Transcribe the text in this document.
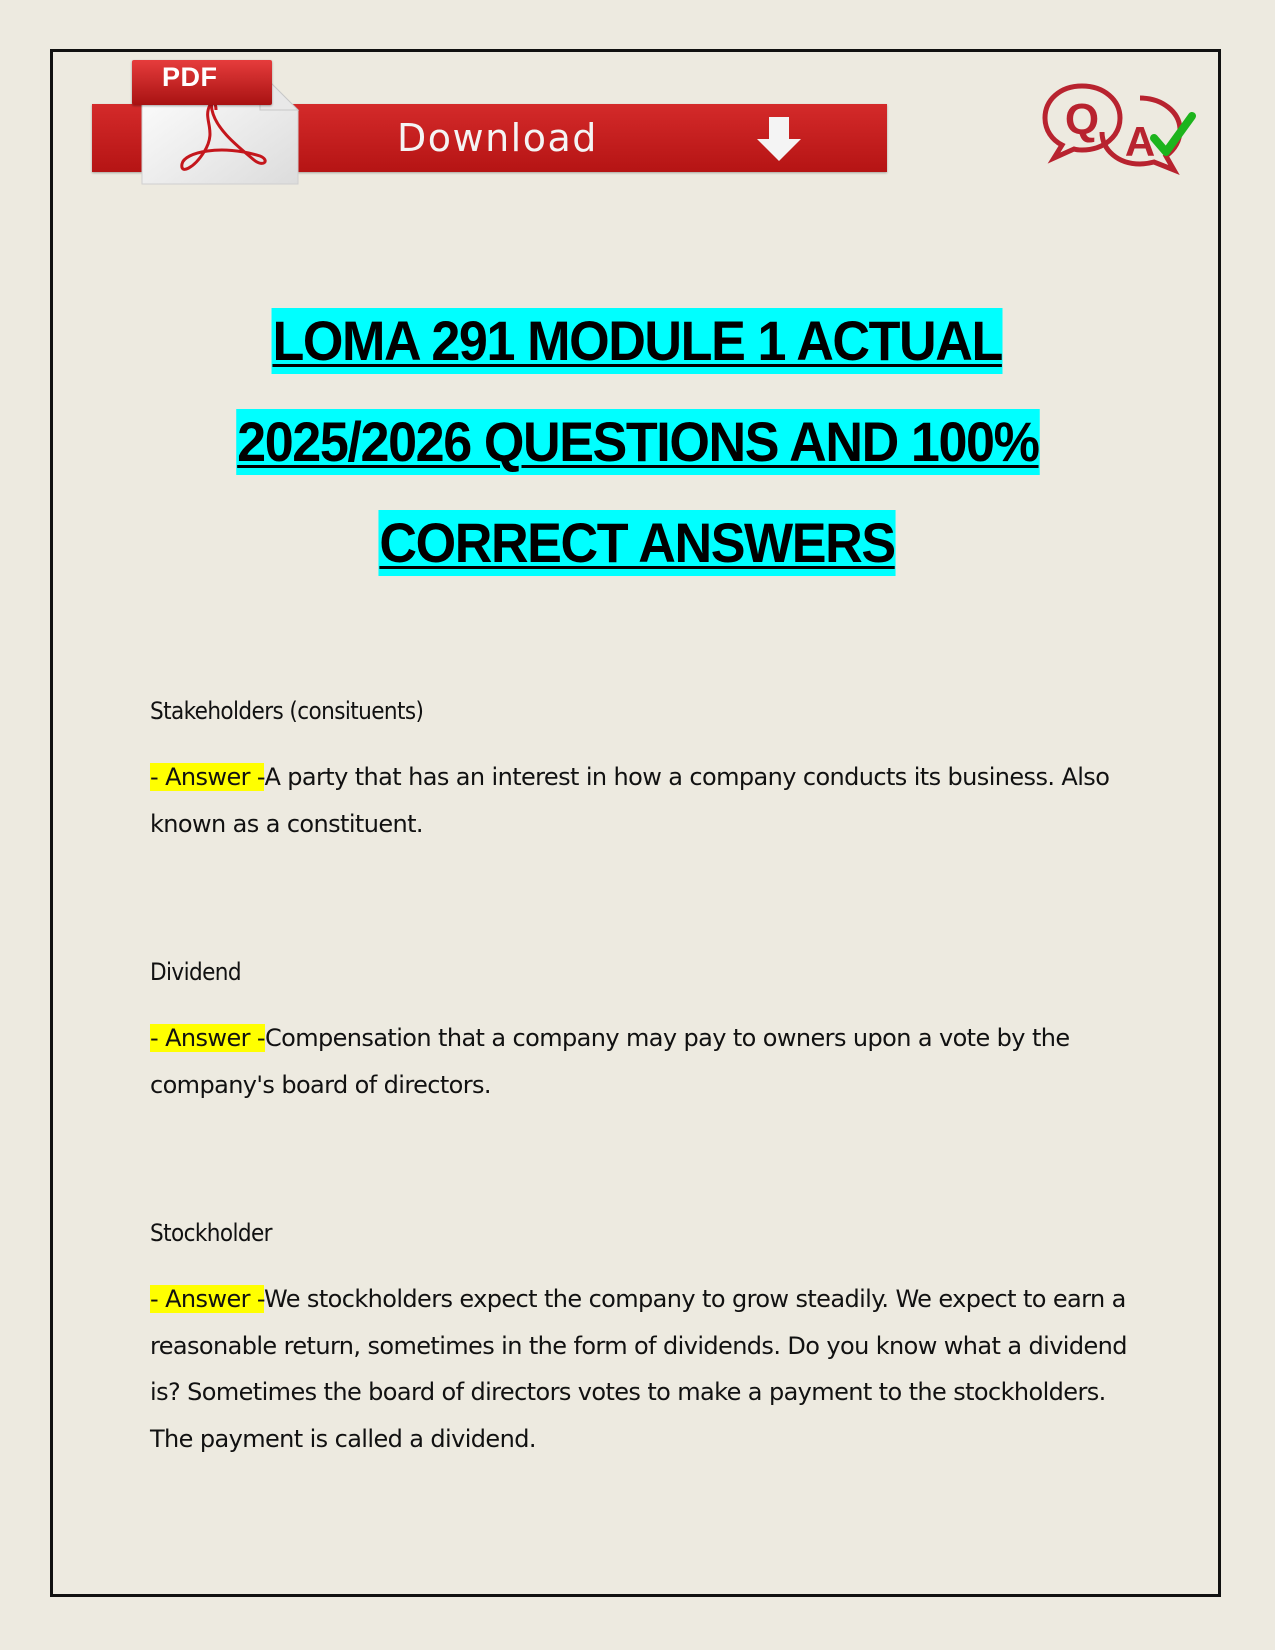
Download
PDF
Q A
LOMA 291 MODULE 1 ACTUAL
2025/2026 QUESTIONS AND 100%
CORRECT ANSWERS
Stakeholders (consituents)
- Answer -A party that has an interest in how a company conducts its business. Also known as a constituent.
Dividend
- Answer -Compensation that a company may pay to owners upon a vote by the company's board of directors.
Stockholder
- Answer -We stockholders expect the company to grow steadily. We expect to earn a reasonable return, sometimes in the form of dividends. Do you know what a dividend is? Sometimes the board of directors votes to make a payment to the stockholders. The payment is called a dividend.
